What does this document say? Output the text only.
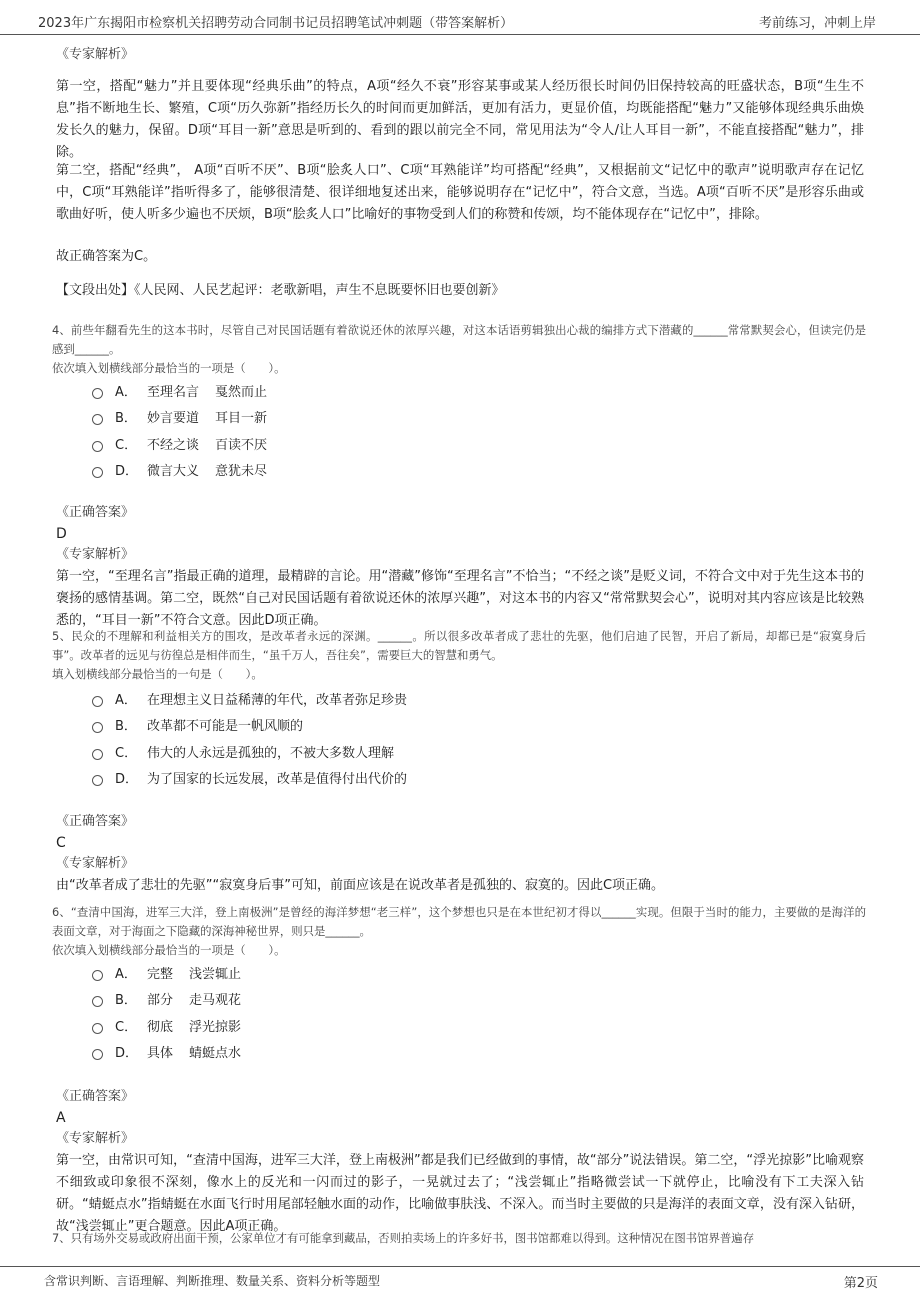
2023年广东揭阳市检察机关招聘劳动合同制书记员招聘笔试冲刺题（带答案解析）	考前练习，冲刺上岸

《专家解析》

第一空，搭配“魅力”并且要体现“经典乐曲”的特点，A项“经久不衰”形容某事或某人经历很长时间仍旧保持较高的旺盛状态，B项“生生不息”指不断地生长、繁殖，C项“历久弥新”指经历长久的时间而更加鲜活，更加有活力，更显价值，均既能搭配“魅力”又能够体现经典乐曲焕发长久的魅力，保留。D项“耳目一新”意思是听到的、看到的跟以前完全不同，常见用法为“令人/让人耳目一新”，不能直接搭配“魅力”，排除。

第二空，搭配“经典”， A项“百听不厌”、B项“脍炙人口”、C项“耳熟能详”均可搭配“经典”，又根据前文“记忆中的歌声”说明歌声存在记忆中，C项“耳熟能详”指听得多了，能够很清楚、很详细地复述出来，能够说明存在“记忆中”，符合文意，当选。A项“百听不厌”是形容乐曲或歌曲好听，使人听多少遍也不厌烦，B项“脍炙人口”比喻好的事物受到人们的称赞和传颂，均不能体现存在“记忆中”，排除。

故正确答案为C。

【文段出处】《人民网、人民艺起评：老歌新唱，声生不息既要怀旧也要创新》

4、前些年翻看先生的这本书时，尽管自己对民国话题有着欲说还休的浓厚兴趣，对这本话语剪辑独出心裁的编排方式下潜藏的______常常默契会心，但读完仍是感到______。

依次填入划横线部分最恰当的一项是（　　）。

A． 至理名言 戛然而止
B． 妙言要道 耳目一新
C． 不经之谈 百读不厌
D． 微言大义 意犹未尽

《正确答案》

D

《专家解析》

第一空，“至理名言”指最正确的道理，最精辟的言论。用“潜藏”修饰“至理名言”不恰当；“不经之谈”是贬义词，不符合文中对于先生这本书的褒扬的感情基调。第二空，既然“自己对民国话题有着欲说还休的浓厚兴趣”，对这本书的内容又“常常默契会心”，说明对其内容应该是比较熟悉的，“耳目一新”不符合文意。因此D项正确。

5、民众的不理解和利益相关方的围攻，是改革者永远的深渊。______。所以很多改革者成了悲壮的先驱，他们启迪了民智，开启了新局，却都已是“寂寞身后事”。改革者的远见与彷徨总是相伴而生，“虽千万人，吾往矣”，需要巨大的智慧和勇气。

填入划横线部分最恰当的一句是（　　）。

A． 在理想主义日益稀薄的年代，改革者弥足珍贵
B． 改革都不可能是一帆风顺的
C． 伟大的人永远是孤独的，不被大多数人理解
D． 为了国家的长远发展，改革是值得付出代价的

《正确答案》

C

《专家解析》

由“改革者成了悲壮的先驱”“寂寞身后事”可知，前面应该是在说改革者是孤独的、寂寞的。因此C项正确。

6、“查清中国海，进军三大洋，登上南极洲”是曾经的海洋梦想“老三样”，这个梦想也只是在本世纪初才得以______实现。但限于当时的能力，主要做的是海洋的表面文章，对于海面之下隐藏的深海神秘世界，则只是______。

依次填入划横线部分最恰当的一项是（　　）。

A． 完整 浅尝辄止
B． 部分 走马观花
C． 彻底 浮光掠影
D． 具体 蜻蜓点水

《正确答案》

A

《专家解析》

第一空，由常识可知，“查清中国海，进军三大洋，登上南极洲”都是我们已经做到的事情，故“部分”说法错误。第二空，“浮光掠影”比喻观察不细致或印象很不深刻，像水上的反光和一闪而过的影子，一晃就过去了；“浅尝辄止”指略微尝试一下就停止，比喻没有下工夫深入钻研。“蜻蜓点水”指蜻蜓在水面飞行时用尾部轻触水面的动作，比喻做事肤浅、不深入。而当时主要做的只是海洋的表面文章，没有深入钻研，故“浅尝辄止”更合题意。因此A项正确。

7、只有场外交易或政府出面干预，公家单位才有可能拿到藏品，否则拍卖场上的许多好书，图书馆都难以得到。这种情况在图书馆界普遍存

含常识判断、言语理解、判断推理、数量关系、资料分析等题型	第2页
